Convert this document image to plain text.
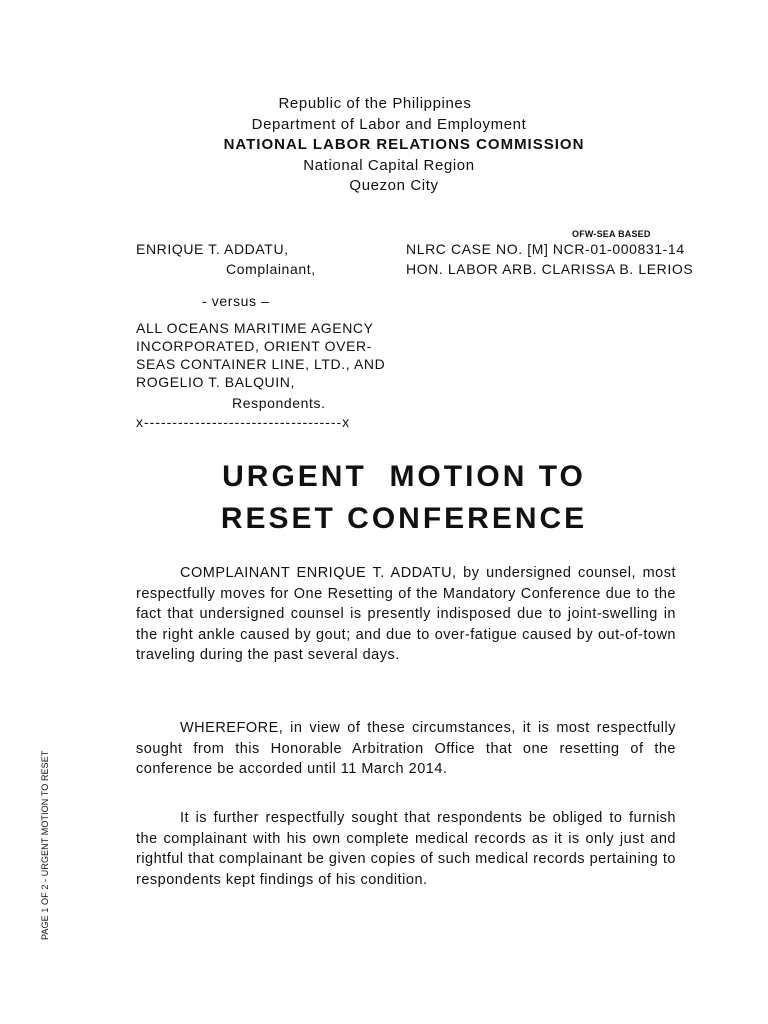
Republic of the Philippines
Department of Labor and Employment
NATIONAL LABOR RELATIONS COMMISSION
National Capital Region
Quezon City
OFW-SEA BASED
ENRIQUE T. ADDATU,
Complainant,
- versus –
ALL OCEANS MARITIME AGENCY
INCORPORATED, ORIENT OVER-
SEAS CONTAINER LINE, LTD., AND
ROGELIO T. BALQUIN,
Respondents.
x-----------------------------------x
NLRC CASE NO. [M] NCR-01-000831-14
HON. LABOR ARB. CLARISSA B. LERIOS
URGENT  MOTION TO
RESET CONFERENCE

COMPLAINANT ENRIQUE T. ADDATU, by undersigned counsel, most respectfully moves for One Resetting of the Mandatory Conference due to the fact that undersigned counsel is presently indisposed due to joint-swelling in the right ankle caused by gout; and due to over-fatigue caused by out-of-town traveling during the past several days.

WHEREFORE, in view of these circumstances, it is most respectfully sought from this Honorable Arbitration Office that one resetting of the conference be accorded until 11 March 2014.

It is further respectfully sought that respondents be obliged to furnish the complainant with his own complete medical records as it is only just and rightful that complainant be given copies of such medical records pertaining to respondents kept findings of his condition.

PAGE 1 OF 2 - URGENT MOTION TO RESET
